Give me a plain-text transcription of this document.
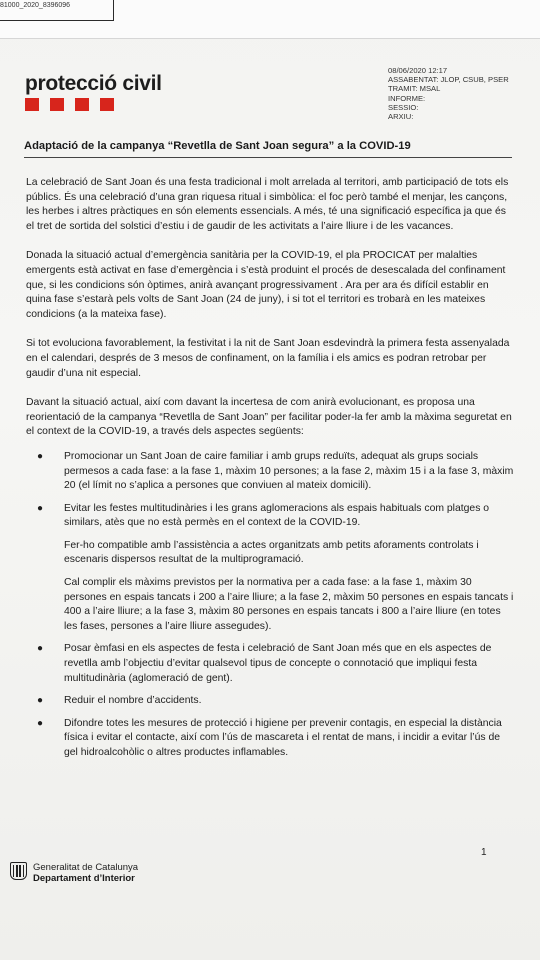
81000_2020_8396096
protecció civil
08/06/2020 12:17
ASSABENTAT: JLOP, CSUB, PSER
TRAMIT: MSAL
INFORME:
SESSIO:
ARXIU:
Adaptació de la campanya “Revetlla de Sant Joan segura” a la COVID-19

La celebració de Sant Joan és una festa tradicional i molt arrelada al territori, amb participació de tots els públics. És una celebració d’una gran riquesa ritual i simbòlica: el foc però també el menjar, les cançons, les herbes i altres pràctiques en són elements essencials. A més, té una significació específica ja que és el tret de sortida del solstici d’estiu i de gaudir de les activitats a l’aire lliure i de les vacances.

Donada la situació actual d’emergència sanitària per la COVID-19, el pla PROCICAT per malalties emergents està activat en fase d’emergència i s’està produint el procés de desescalada del confinament que, si les condicions són òptimes, anirà avançant progressivament . Ara per ara és difícil establir en quina fase s’estarà pels volts de Sant Joan (24 de juny), i si tot el territori es trobarà en les mateixes condicions (a la mateixa fase).

Si tot evoluciona favorablement, la festivitat i la nit de Sant Joan esdevindrà la primera festa assenyalada en el calendari, després de 3 mesos de confinament, on la família i els amics es podran retrobar per gaudir d’una nit especial.

Davant la situació actual, així com davant la incertesa de com anirà evolucionant, es proposa una reorientació de la campanya “Revetlla de Sant Joan” per facilitar poder-la fer amb la màxima seguretat en el context de la COVID-19, a través dels aspectes següents:

● Promocionar un Sant Joan de caire familiar i amb grups reduïts, adequat als grups socials permesos a cada fase: a la fase 1, màxim 10 persones; a la fase 2, màxim 15 i a la fase 3, màxim 20 (el límit no s’aplica a persones que conviuen al mateix domicili).
● Evitar les festes multitudinàries i les grans aglomeracions als espais habituals com platges o similars, atès que no està permès en el context de la COVID-19.
Fer-ho compatible amb l’assistència a actes organitzats amb petits aforaments controlats i escenaris dispersos resultat de la multiprogramació.
Cal complir els màxims previstos per la normativa per a cada fase: a la fase 1, màxim 30 persones en espais tancats i 200 a l’aire lliure; a la fase 2, màxim 50 persones en espais tancats i 400 a l’aire lliure; a la fase 3, màxim 80 persones en espais tancats i 800 a l’aire lliure (en totes les fases, persones a l’aire lliure assegudes).
● Posar èmfasi en els aspectes de festa i celebració de Sant Joan més que en els aspectes de revetlla amb l’objectiu d’evitar qualsevol tipus de concepte o connotació que impliqui festa multitudinària (aglomeració de gent).
● Reduir el nombre d’accidents.
● Difondre totes les mesures de protecció i higiene per prevenir contagis, en especial la distància física i evitar el contacte, així com l’ús de mascareta i el rentat de mans, i incidir a evitar l’ús de gel hidroalcohòlic o altres productes inflamables.
1
Generalitat de Catalunya
Departament d’Interior
